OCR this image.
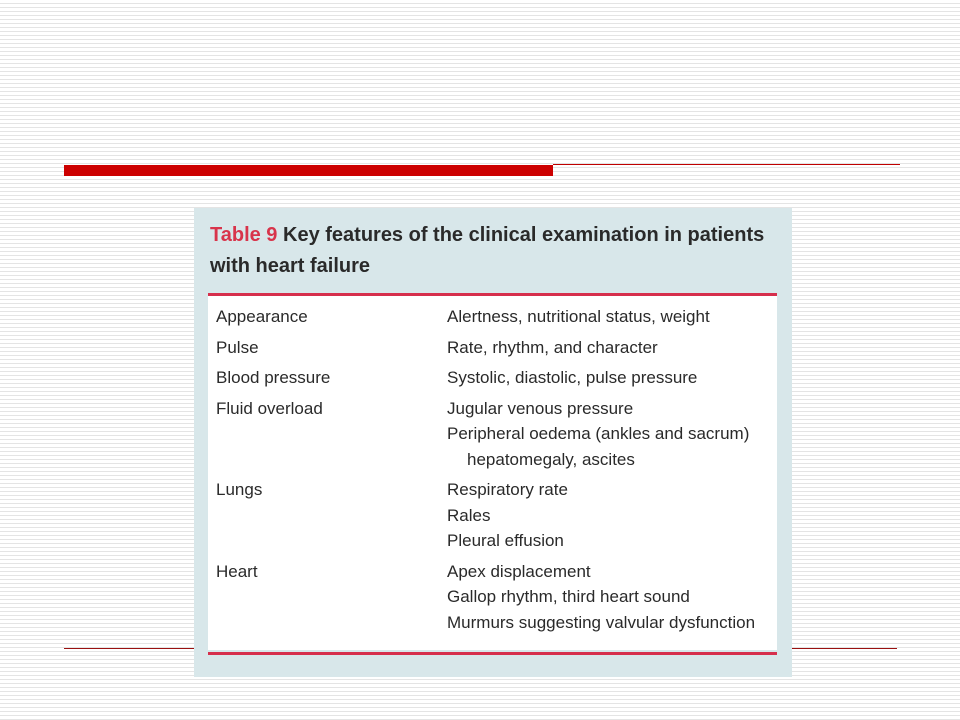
Table 9 Key features of the clinical examination in patients with heart failure
Appearance	Alertness, nutritional status, weight
Pulse	Rate, rhythm, and character
Blood pressure	Systolic, diastolic, pulse pressure
Fluid overload	Jugular venous pressure
Peripheral oedema (ankles and sacrum)
hepatomegaly, ascites
Lungs	Respiratory rate
Rales
Pleural effusion
Heart	Apex displacement
Gallop rhythm, third heart sound
Murmurs suggesting valvular dysfunction
